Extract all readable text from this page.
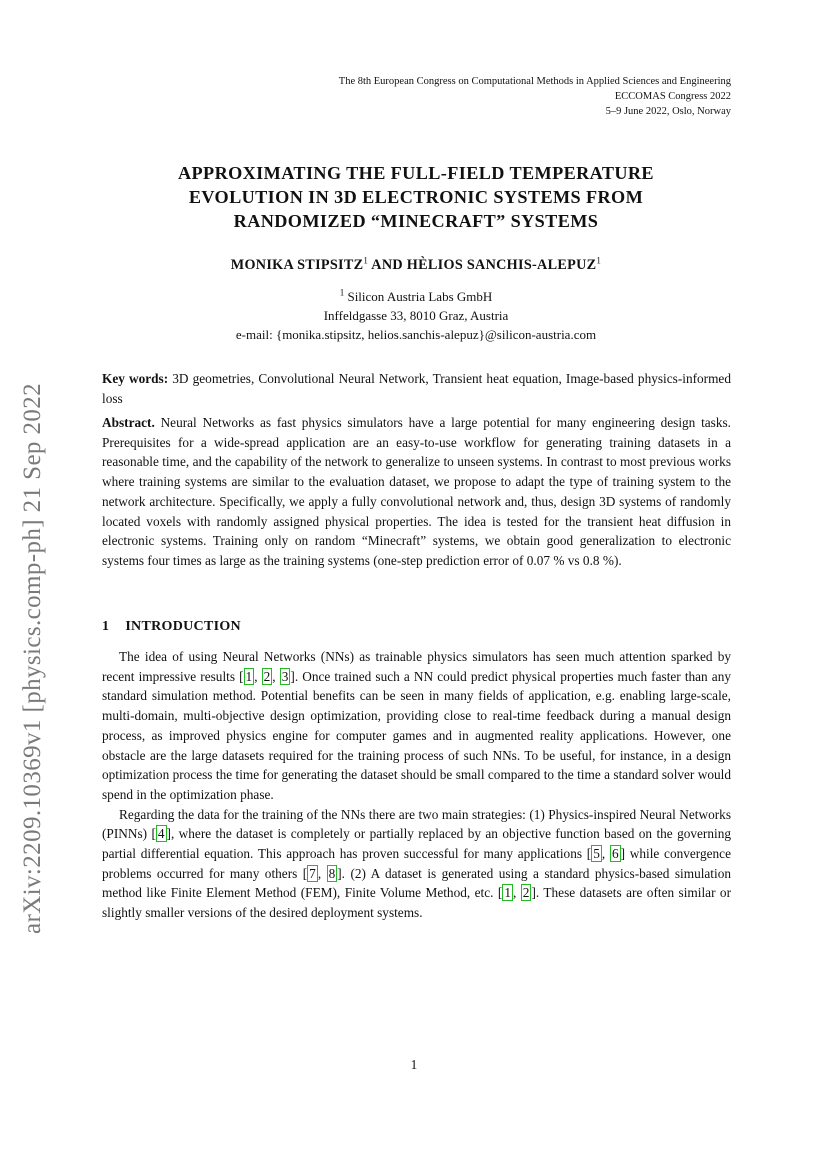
The 8th European Congress on Computational Methods in Applied Sciences and Engineering
ECCOMAS Congress 2022
5–9 June 2022, Oslo, Norway
APPROXIMATING THE FULL-FIELD TEMPERATURE
EVOLUTION IN 3D ELECTRONIC SYSTEMS FROM
RANDOMIZED “MINECRAFT” SYSTEMS
MONIKA STIPSITZ$^1$ AND HÈLIOS SANCHIS-ALEPUZ$^1$
$^1$ Silicon Austria Labs GmbH
Inffeldgasse 33, 8010 Graz, Austria
e-mail: {monika.stipsitz, helios.sanchis-alepuz}@silicon-austria.com
Key words: 3D geometries, Convolutional Neural Network, Transient heat equation, Image-based physics-informed loss
Abstract. Neural Networks as fast physics simulators have a large potential for many engineering design tasks. Prerequisites for a wide-spread application are an easy-to-use workflow for generating training datasets in a reasonable time, and the capability of the network to generalize to unseen systems. In contrast to most previous works where training systems are similar to the evaluation dataset, we propose to adapt the type of training system to the network architecture. Specifically, we apply a fully convolutional network and, thus, design 3D systems of randomly located voxels with randomly assigned physical properties. The idea is tested for the transient heat diffusion in electronic systems. Training only on random “Minecraft” systems, we obtain good generalization to electronic systems four times as large as the training systems (one-step prediction error of 0.07 % vs 0.8 %).
1 INTRODUCTION

The idea of using Neural Networks (NNs) as trainable physics simulators has seen much attention sparked by recent impressive results [ 1 , 2 , 3 ]. Once trained such a NN could predict physical properties much faster than any standard simulation method. Potential benefits can be seen in many fields of application, e.g. enabling large-scale, multi-domain, multi-objective design optimization, providing close to real-time feedback during a manual design process, as improved physics engine for computer games and in augmented reality applications. However, one obstacle are the large datasets required for the training process of such NNs. To be useful, for instance, in a design optimization process the time for generating the dataset should be small compared to the time a standard solver would spend in the optimization phase.

Regarding the data for the training of the NNs there are two main strategies: (1) Physics-inspired Neural Networks (PINNs) [ 4 ], where the dataset is completely or partially replaced by an objective function based on the governing partial differential equation. This approach has proven successful for many applications [ 5 , 6 ] while convergence problems occurred for many others [ 7 , 8 ]. (2) A dataset is generated using a standard physics-based simulation method like Finite Element Method (FEM), Finite Volume Method, etc. [ 1 , 2 ]. These datasets are often similar or slightly smaller versions of the desired deployment systems.

arXiv:2209.10369v1 [physics.comp-ph] 21 Sep 2022
1
